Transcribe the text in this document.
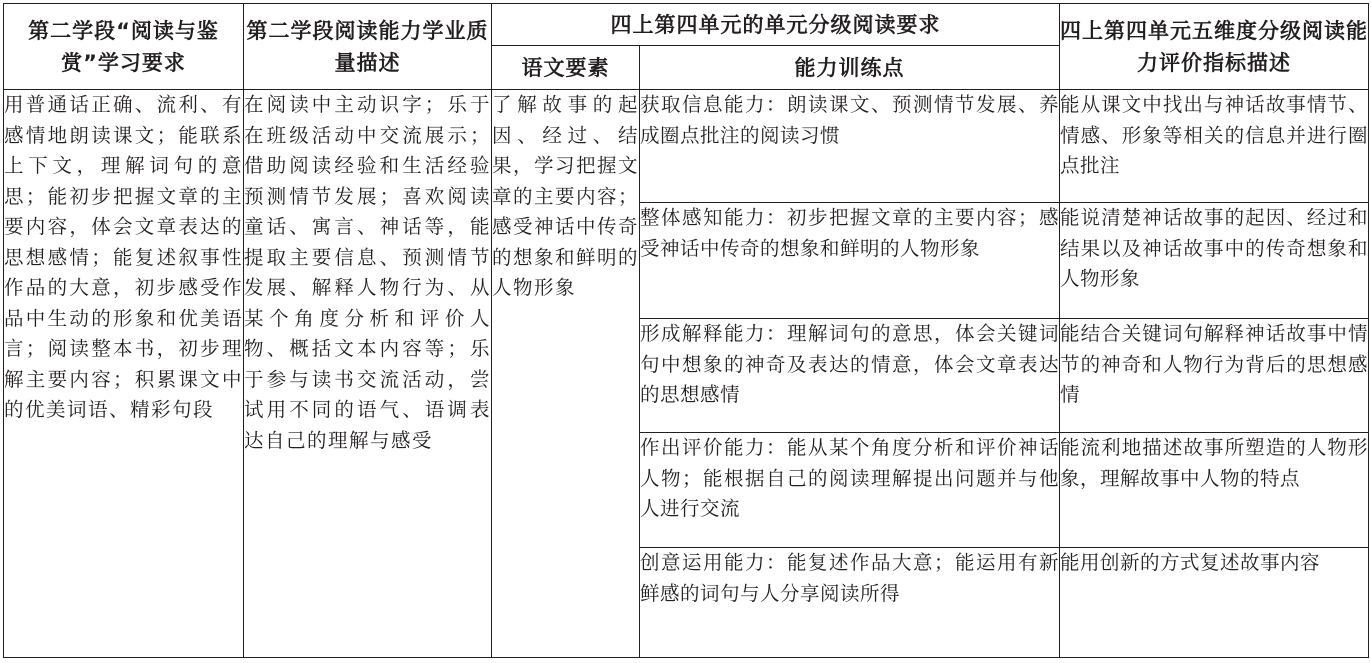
第二学段“阅读与鉴赏”学习要求	第二学段阅读能力学业质量描述	四上第四单元的单元分级阅读要求		四上第四单元五维度分级阅读能力评价指标描述
		语文要素	能力训练点	
用普通话正确、流利、有感情地朗读课文；能联系上下文，理解词句的意思；能初步把握文章的主要内容，体会文章表达的思想感情；能复述叙事性作品的大意，初步感受作品中生动的形象和优美语言；阅读整本书，初步理解主要内容；积累课文中的优美词语、精彩句段	在阅读中主动识字；乐于在班级活动中交流展示；借助阅读经验和生活经验预测情节发展；喜欢阅读童话、寓言、神话等，能提取主要信息、预测情节发展、解释人物行为、从某个角度分析和评价人物、概括文本内容等；乐于参与读书交流活动，尝试用不同的语气、语调表达自己的理解与感受	了解故事的起因、经过、结果，学习把握文章的主要内容；感受神话中传奇的想象和鲜明的人物形象	获取信息能力：朗读课文、预测情节发展、养成圈点批注的阅读习惯	能从课文中找出与神话故事情节、情感、形象等相关的信息并进行圈点批注
			整体感知能力：初步把握文章的主要内容；感受神话中传奇的想象和鲜明的人物形象	能说清楚神话故事的起因、经过和结果以及神话故事中的传奇想象和人物形象
			形成解释能力：理解词句的意思，体会关键词句中想象的神奇及表达的情意，体会文章表达的思想感情	能结合关键词句解释神话故事中情节的神奇和人物行为背后的思想感情
			作出评价能力：能从某个角度分析和评价神话人物；能根据自己的阅读理解提出问题并与他人进行交流	能流利地描述故事所塑造的人物形象，理解故事中人物的特点
			创意运用能力：能复述作品大意；能运用有新鲜感的词句与人分享阅读所得	能用创新的方式复述故事内容
